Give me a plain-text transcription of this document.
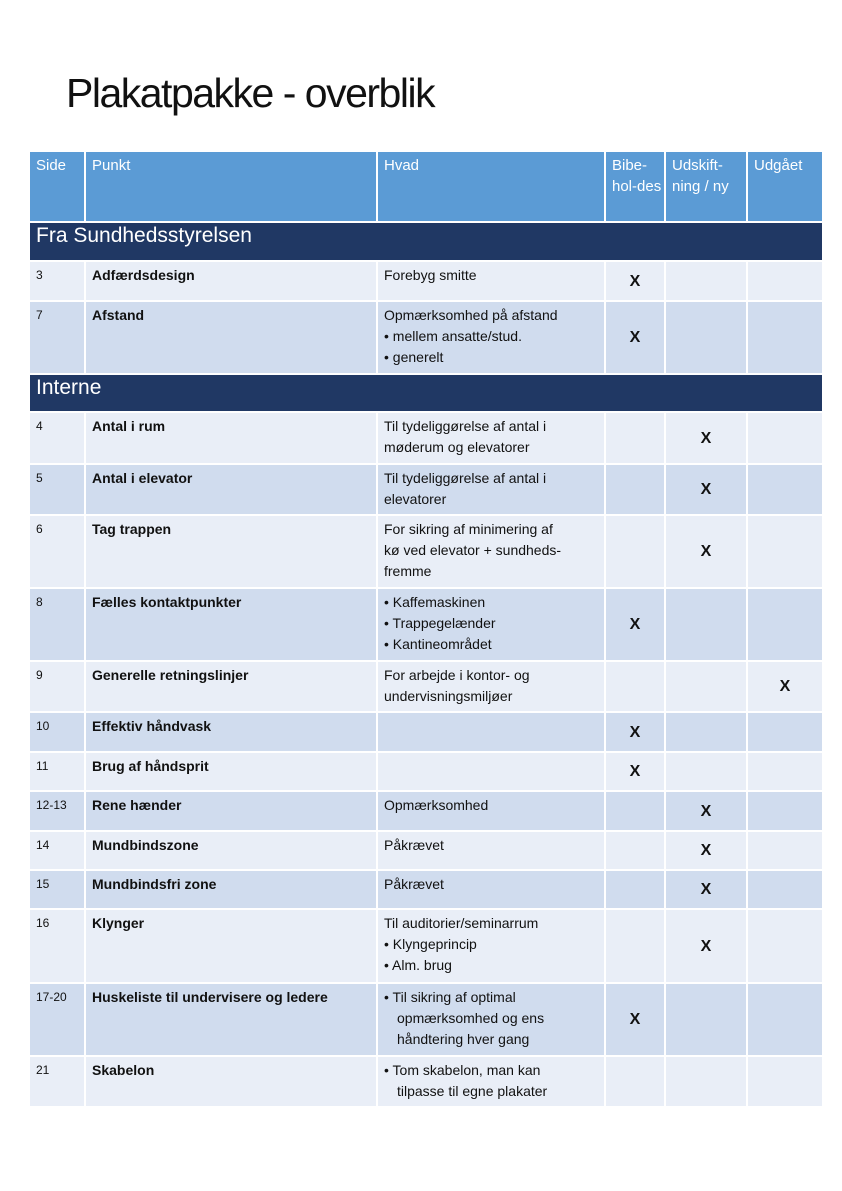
Plakatpakke - overblik
Side	Punkt	Hvad	Bibe-hol-des	Udskift-ning / ny	Udgået
Fra Sundhedsstyrelsen					
3	Adfærdsdesign	Forebyg smitte	X		
7	Afstand	Opmærksomhed på afstand
• mellem ansatte/stud.
• generelt	X		
Interne					
4	Antal i rum	Til tydeliggørelse af antal i
møderum og elevatorer		X	
5	Antal i elevator	Til tydeliggørelse af antal i
elevatorer		X	
6	Tag trappen	For sikring af minimering af
kø ved elevator + sundheds-
fremme		X	
8	Fælles kontaktpunkter	• Kaffemaskinen
• Trappegelænder
• Kantineområdet	X		
9	Generelle retningslinjer	For arbejde i kontor- og
undervisningsmiljøer			X
10	Effektiv håndvask		X		
11	Brug af håndsprit		X		
12-13	Rene hænder	Opmærksomhed		X	
14	Mundbindszone	Påkrævet		X	
15	Mundbindsfri zone	Påkrævet		X	
16	Klynger	Til auditorier/seminarrum
• Klyngeprincip
• Alm. brug		X	
17-20	Huskeliste til undervisere og ledere	• Til sikring af optimal
opmærksomhed og ens
håndtering hver gang	X		
21	Skabelon	• Tom skabelon, man kan
tilpasse til egne plakater
